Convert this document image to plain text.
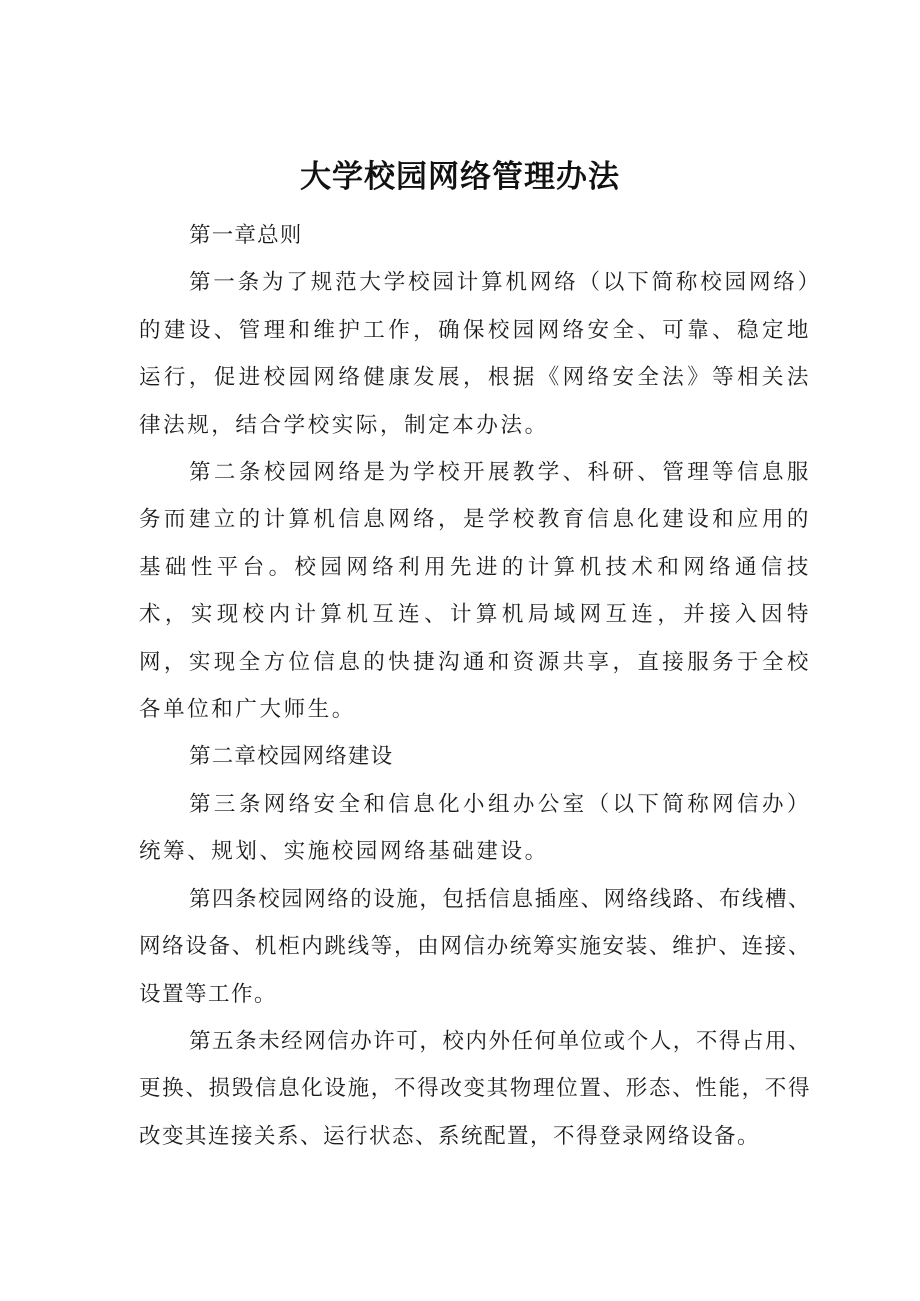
大学校园网络管理办法

第一章总则

第一条为了规范大学校园计算机网络（以下简称校园网络）的建设、管理和维护工作，确保校园网络安全、可靠、稳定地运行，促进校园网络健康发展，根据《网络安全法》等相关法律法规，结合学校实际，制定本办法。

第二条校园网络是为学校开展教学、科研、管理等信息服务而建立的计算机信息网络，是学校教育信息化建设和应用的基础性平台。校园网络利用先进的计算机技术和网络通信技术，实现校内计算机互连、计算机局域网互连，并接入因特网，实现全方位信息的快捷沟通和资源共享，直接服务于全校各单位和广大师生。

第二章校园网络建设

第三条网络安全和信息化小组办公室（以下简称网信办）统筹、规划、实施校园网络基础建设。

第四条校园网络的设施，包括信息插座、网络线路、布线槽、网络设备、机柜内跳线等，由网信办统筹实施安装、维护、连接、设置等工作。

第五条未经网信办许可，校内外任何单位或个人，不得占用、更换、损毁信息化设施，不得改变其物理位置、形态、性能，不得改变其连接关系、运行状态、系统配置，不得登录网络设备。
